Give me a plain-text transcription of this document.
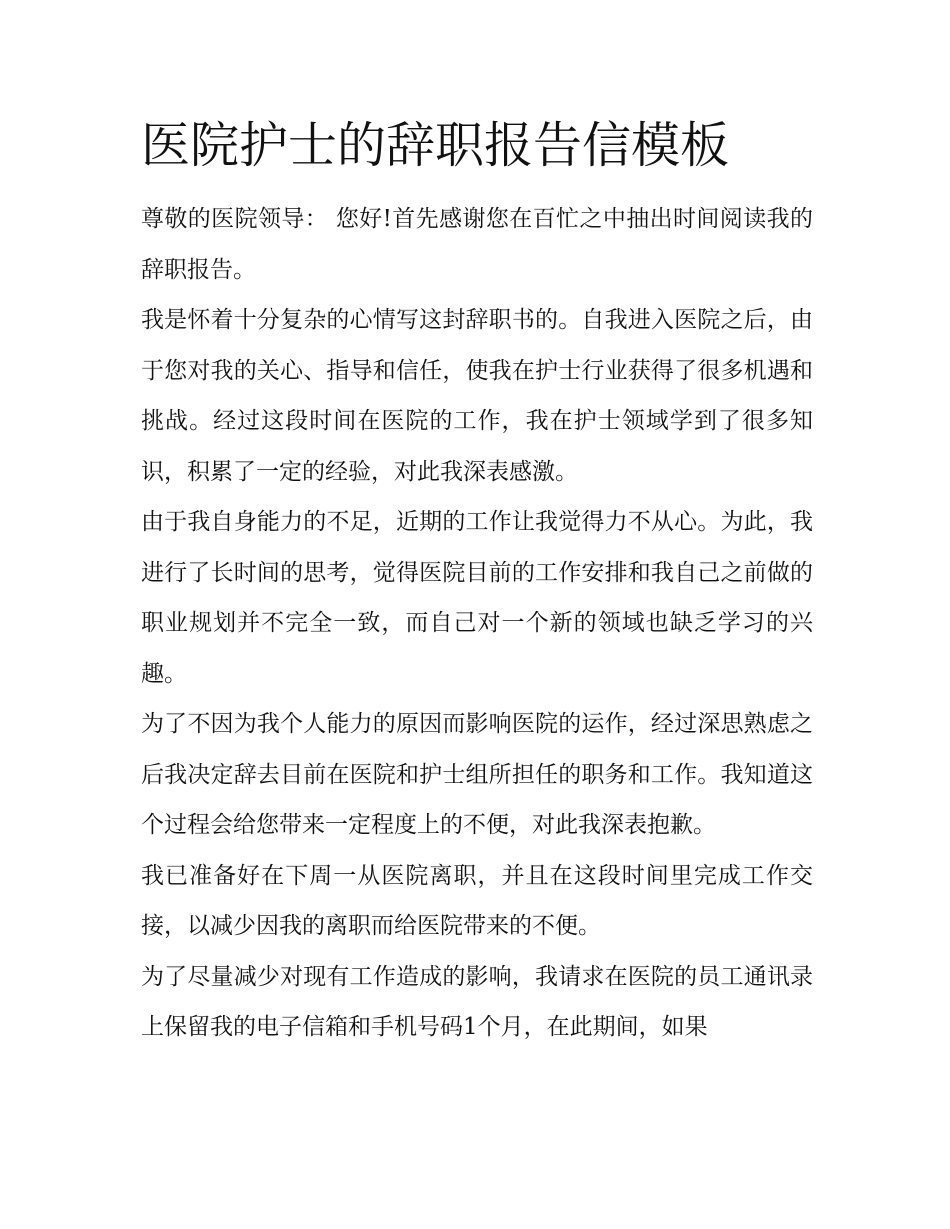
医院护士的辞职报告信模板

尊敬的医院领导： 您好!首先感谢您在百忙之中抽出时间阅读我的辞职报告。

我是怀着十分复杂的心情写这封辞职书的。自我进入医院之后，由于您对我的关心、指导和信任，使我在护士行业获得了很多机遇和挑战。经过这段时间在医院的工作，我在护士领域学到了很多知识，积累了一定的经验，对此我深表感激。

由于我自身能力的不足，近期的工作让我觉得力不从心。为此，我进行了长时间的思考，觉得医院目前的工作安排和我自己之前做的职业规划并不完全一致，而自己对一个新的领域也缺乏学习的兴趣。

为了不因为我个人能力的原因而影响医院的运作，经过深思熟虑之后我决定辞去目前在医院和护士组所担任的职务和工作。我知道这个过程会给您带来一定程度上的不便，对此我深表抱歉。

我已准备好在下周一从医院离职，并且在这段时间里完成工作交接，以减少因我的离职而给医院带来的不便。

为了尽量减少对现有工作造成的影响，我请求在医院的员工通讯录上保留我的电子信箱和手机号码1个月，在此期间，如果
